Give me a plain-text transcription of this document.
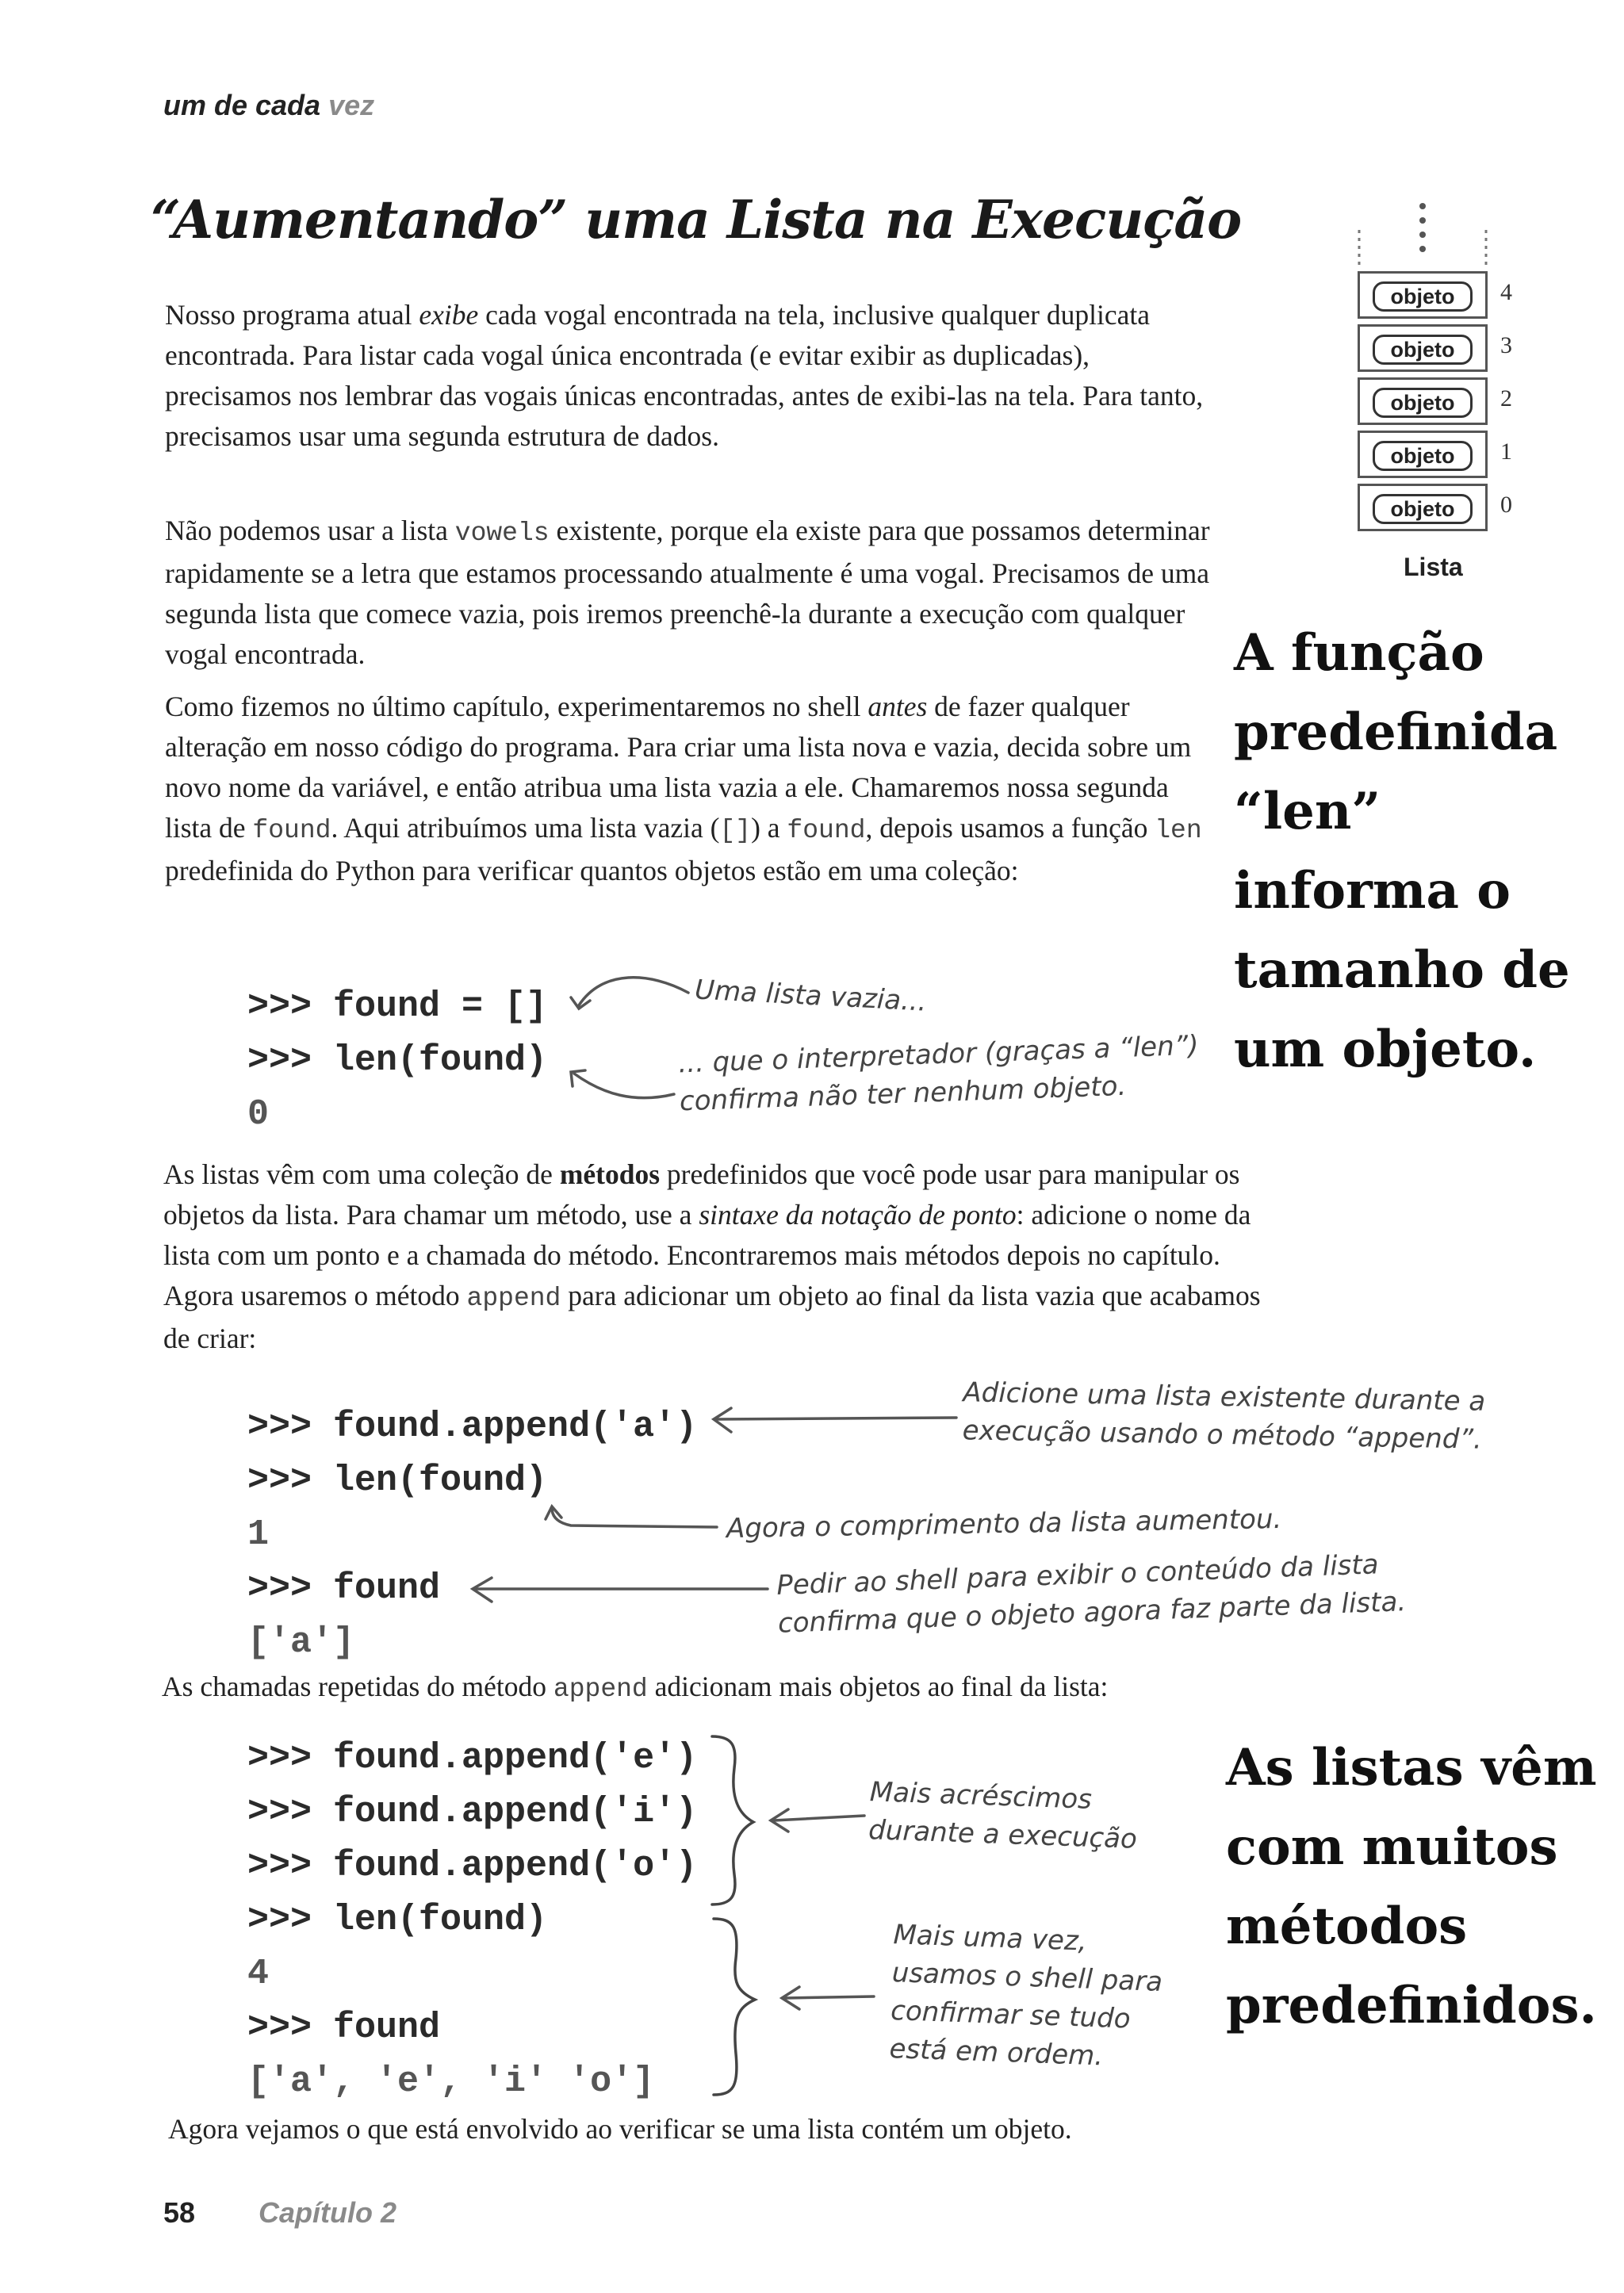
um de cada vez
“Aumentando” uma Lista na Execução

Nosso programa atual exibe cada vogal encontrada na tela, inclusive qualquer duplicata encontrada. Para listar cada vogal única encontrada (e evitar exibir as duplicadas), precisamos nos lembrar das vogais únicas encontradas, antes de exibi-las na tela. Para tanto, precisamos usar uma segunda estrutura de dados.

Não podemos usar a lista vowels existente, porque ela existe para que possamos determinar rapidamente se a letra que estamos processando atualmente é uma vogal. Precisamos de uma segunda lista que comece vazia, pois iremos preenchê-la durante a execução com qualquer vogal encontrada.

Como fizemos no último capítulo, experimentaremos no shell antes de fazer qualquer alteração em nosso código do programa. Para criar uma lista nova e vazia, decida sobre um novo nome da variável, e então atribua uma lista vazia a ele. Chamaremos nossa segunda lista de found. Aqui atribuímos uma lista vazia ([]) a found, depois usamos a função len predefinida do Python para verificar quantos objetos estão em uma coleção:

>>> found = []
>>> len(found)
0

As listas vêm com uma coleção de métodos predefinidos que você pode usar para manipular os objetos da lista. Para chamar um método, use a sintaxe da notação de ponto: adicione o nome da lista com um ponto e a chamada do método. Encontraremos mais métodos depois no capítulo. Agora usaremos o método append para adicionar um objeto ao final da lista vazia que acabamos de criar:

>>> found.append('a')
>>> len(found)
1
>>> found
['a']

As chamadas repetidas do método append adicionam mais objetos ao final da lista:

>>> found.append('e')
>>> found.append('i')
>>> found.append('o')
>>> len(found)
4
>>> found
['a', 'e', 'i' 'o']
Agora vejamos o que está envolvido ao verificar se uma lista contém um objeto.
Uma lista vazia...
... que o interpretador (graças a “len”)
confirma não ter nenhum objeto.
Adicione uma lista existente durante a
execução usando o método “append”.
Agora o comprimento da lista aumentou.
Pedir ao shell para exibir o conteúdo da lista
confirma que o objeto agora faz parte da lista.
Mais acréscimos
durante a execução
Mais uma vez,
usamos o shell para
confirmar se tudo
está em ordem.
A função
predefinida
“len”
informa o
tamanho de
um objeto.
As listas vêm
com muitos
métodos
predefinidos.
objeto	4
objeto	3
objeto	2
objeto	1
objeto	0
Lista
58 Capítulo 2
